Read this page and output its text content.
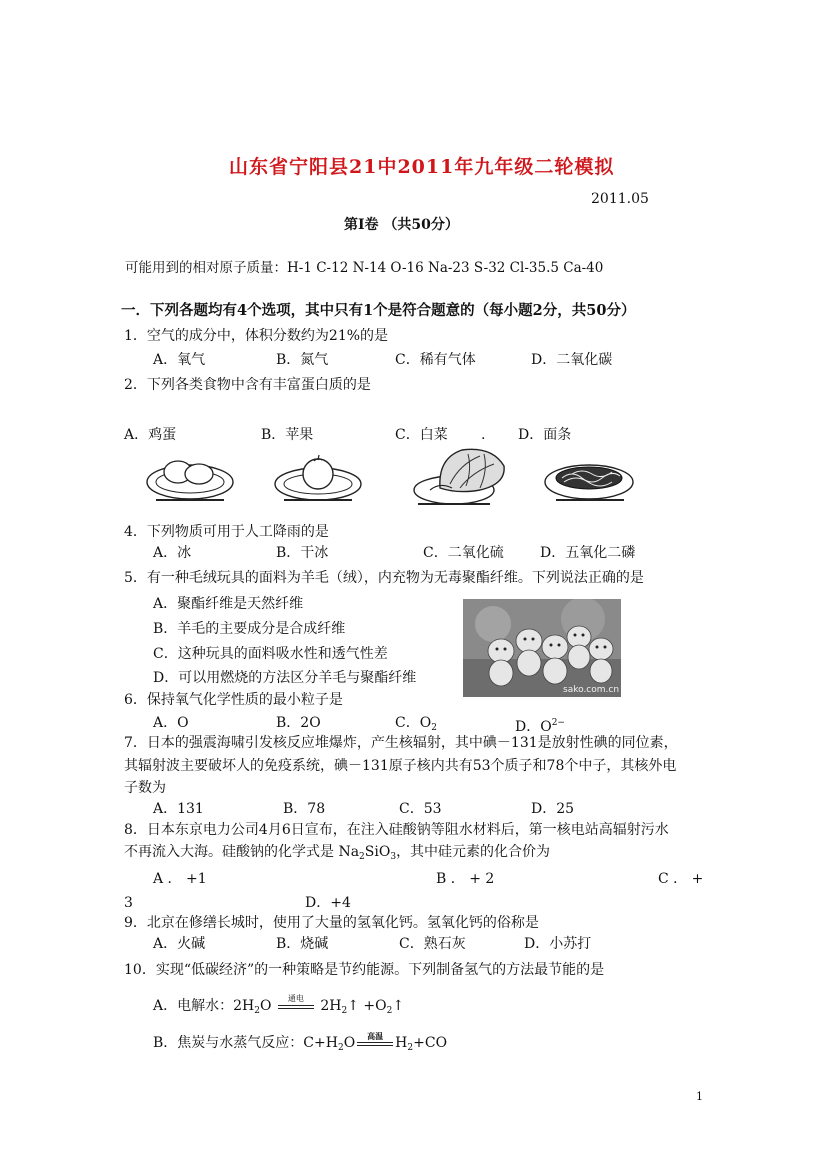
山东省宁阳县21中2011年九年级二轮模拟
2011.05
第Ⅰ卷 （共50分）
可能用到的相对原子质量：H-1 C-12 N-14 O-16 Na-23 S-32 Cl-35.5 Ca-40
一．下列各题均有4个选项，其中只有1个是符合题意的（每小题2分，共50分）
1．空气的成分中，体积分数约为21%的是
A．氧气	B．氮气	C．稀有气体	D．二氧化碳
2．下列各类食物中含有丰富蛋白质的是
A．鸡蛋	B．苹果	C．白菜 . D．面条
4．下列物质可用于人工降雨的是
A．冰	B．干冰	C．二氧化硫	D．五氧化二磷
5．有一种毛绒玩具的面料为羊毛（绒），内充物为无毒聚酯纤维。下列说法正确的是
A．聚酯纤维是天然纤维
B．羊毛的主要成分是合成纤维
C．这种玩具的面料吸水性和透气性差
D．可以用燃烧的方法区分羊毛与聚酯纤维
sako.com.cn
6．保持氧气化学性质的最小粒子是
A．O	B．2O	C．$O_2$	D．$O^{2-}$
7．日本的强震海啸引发核反应堆爆炸，产生核辐射，其中碘－131是放射性碘的同位素，
其辐射波主要破坏人的免疫系统，碘－131原子核内共有53个质子和78个中子，其核外电
子数为
A．131	B．78	C．53	D．25
8．日本东京电力公司4月6日宣布，在注入硅酸钠等阻水材料后，第一核电站高辐射污水
不再流入大海。硅酸钠的化学式是 $Na_2SiO_3$，其中硅元素的化合价为
A ． +1	B ． + 2	C ． +
3	D．+4
9．北京在修缮长城时，使用了大量的氢氧化钙。氢氧化钙的俗称是
A．火碱	B．烧碱	C．熟石灰	D．小苏打
10．实现“低碳经济”的一种策略是节约能源。下列制备氢气的方法最节能的是
A．电解水：$2H_2O$	通电	$2H_2↑$ $+O_2↑$
B．焦炭与水蒸气反应：$C+H_2O$	高温 $H_2+CO$
1
